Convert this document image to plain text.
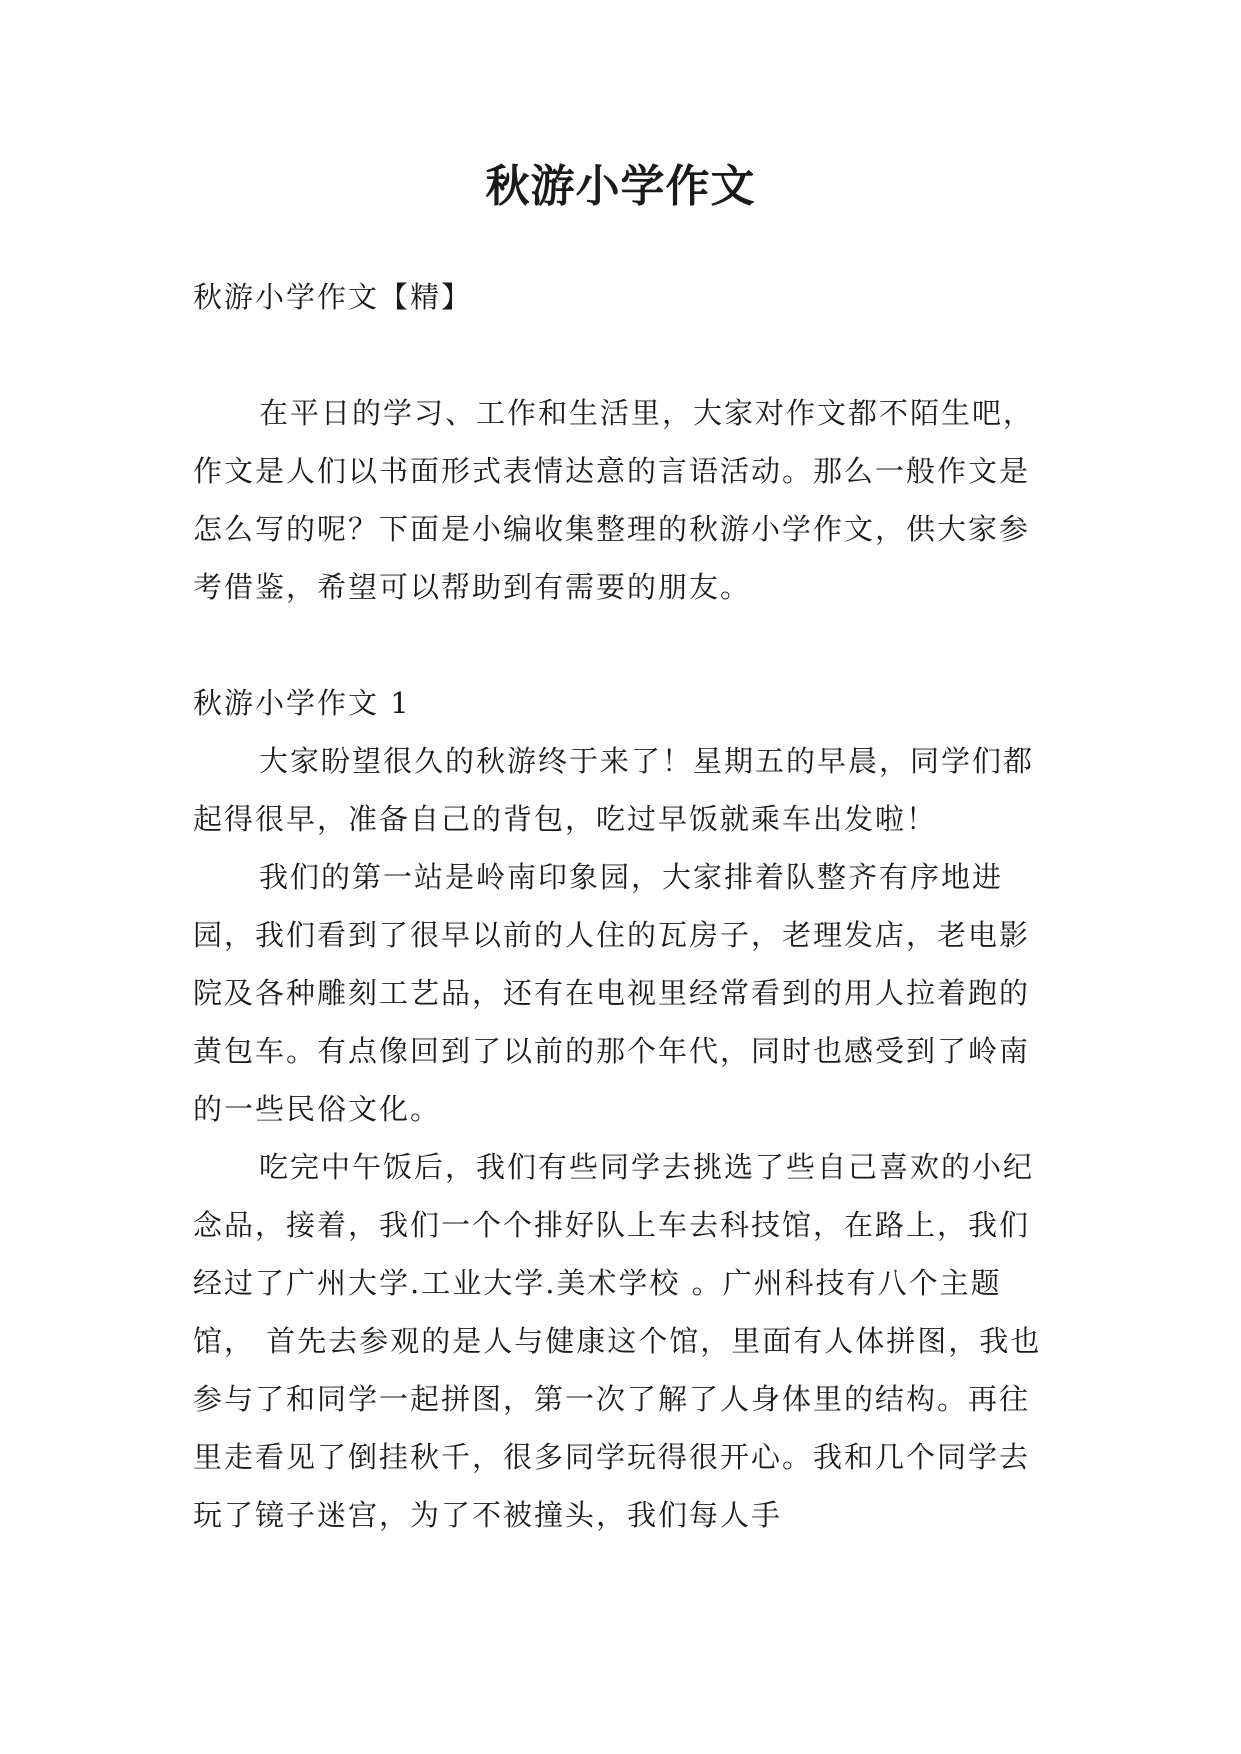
秋游小学作文

秋游小学作文【精】

在平日的学习、工作和生活里，大家对作文都不陌生吧，作文是人们以书面形式表情达意的言语活动。那么一般作文是怎么写的呢？下面是小编收集整理的秋游小学作文，供大家参考借鉴，希望可以帮助到有需要的朋友。

秋游小学作文 1

大家盼望很久的秋游终于来了！星期五的早晨，同学们都起得很早，准备自己的背包，吃过早饭就乘车出发啦！

我们的第一站是岭南印象园，大家排着队整齐有序地进园，我们看到了很早以前的人住的瓦房子，老理发店，老电影院及各种雕刻工艺品，还有在电视里经常看到的用人拉着跑的黄包车。有点像回到了以前的那个年代，同时也感受到了岭南的一些民俗文化。

吃完中午饭后，我们有些同学去挑选了些自己喜欢的小纪念品，接着，我们一个个排好队上车去科技馆，在路上，我们经过了广州大学.工业大学.美术学校 。广州科技有八个主题馆， 首先去参观的是人与健康这个馆，里面有人体拼图，我也参与了和同学一起拼图，第一次了解了人身体里的结构。再往里走看见了倒挂秋千，很多同学玩得很开心。我和几个同学去玩了镜子迷宫，为了不被撞头，我们每人手
